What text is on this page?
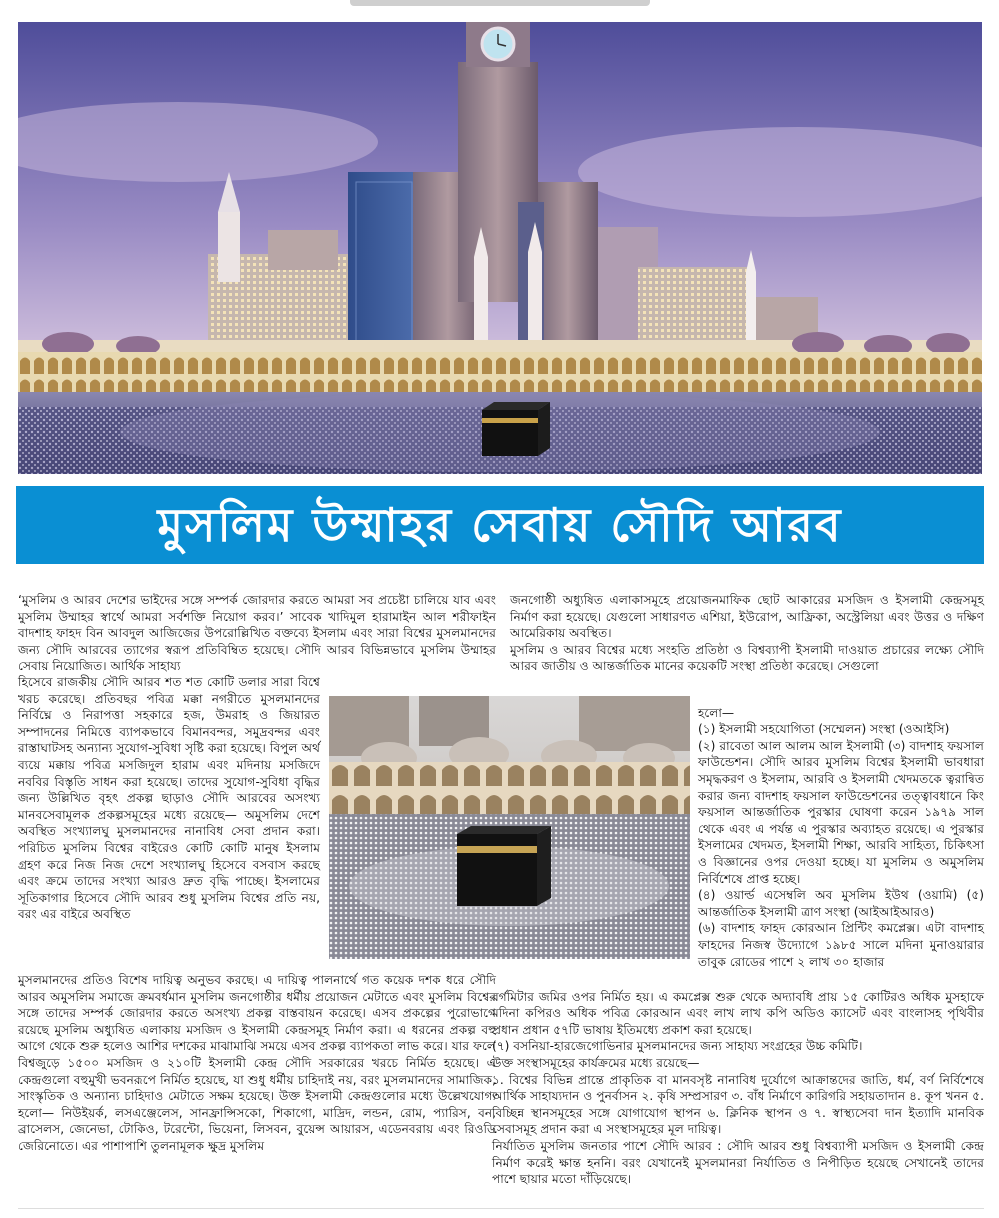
মুসলিম উম্মাহর সেবায় সৌদি আরব

‘মুসলিম ও আরব দেশের ভাইদের সঙ্গে সম্পর্ক জোরদার করতে আমরা সব প্রচেষ্টা চালিয়ে যাব এবং মুসলিম উম্মাহর স্বার্থে আমরা সর্বশক্তি নিয়োগ করব।’ সাবেক খাদিমুল হারামাইন আল শরীফাইন বাদশাহ ফাহদ বিন আবদুল আজিজের উপরোল্লিখিত বক্তব্যে ইসলাম এবং সারা বিশ্বের মুসলমানদের জন্য সৌদি আরবের ত্যাগের স্বরূপ প্রতিবিম্বিত হয়েছে। সৌদি আরব বিভিন্নভাবে মুসলিম উম্মাহর সেবায় নিয়োজিত। আর্থিক সাহায্য

হিসেবে রাজকীয় সৌদি আরব শত শত কোটি ডলার সারা বিশ্বে খরচ করেছে। প্রতিবছর পবিত্র মক্কা নগরীতে মুসলমানদের নির্বিঘ্নে ও নিরাপত্তা সহকারে হজ, উমরাহ ও জিয়ারত সম্পাদনের নিমিত্তে ব্যাপকভাবে বিমানবন্দর, সমুদ্রবন্দর এবং রাস্তাঘাটসহ অন্যান্য সুযোগ-সুবিধা সৃষ্টি করা হয়েছে। বিপুল অর্থ ব্যয়ে মক্কায় পবিত্র মসজিদুল হারাম এবং মদিনায় মসজিদে নববির বিস্তৃতি সাধন করা হয়েছে। তাদের সুযোগ-সুবিধা বৃদ্ধির জন্য উল্লিখিত বৃহৎ প্রকল্প ছাড়াও সৌদি আরবের অসংখ্য মানবসেবামূলক প্রকল্পসমূহের মধ্যে রয়েছে— অমুসলিম দেশে অবস্থিত সংখ্যালঘু মুসলমানদের নানাবিধ সেবা প্রদান করা। পরিচিত মুসলিম বিশ্বের বাইরেও কোটি কোটি মানুষ ইসলাম গ্রহণ করে নিজ নিজ দেশে সংখ্যালঘু হিসেবে বসবাস করছে এবং ক্রমে তাদের সংখ্যা আরও দ্রুত বৃদ্ধি পাচ্ছে। ইসলামের সূতিকাগার হিসেবে সৌদি আরব শুধু মুসলিম বিশ্বের প্রতি নয়, বরং এর বাইরে অবস্থিত

মুসলমানদের প্রতিও বিশেষ দায়িত্ব অনুভব করছে। এ দায়িত্ব পালনার্থে গত কয়েক দশক ধরে সৌদি আরব অমুসলিম সমাজে ক্রমবর্ধমান মুসলিম জনগোষ্ঠীর ধর্মীয় প্রয়োজন মেটাতে এবং মুসলিম বিশ্বের সঙ্গে তাদের সম্পর্ক জোরদার করতে অসংখ্য প্রকল্প বাস্তবায়ন করেছে। এসব প্রকল্পের পুরোভাগে রয়েছে মুসলিম অধ্যুষিত এলাকায় মসজিদ ও ইসলামী কেন্দ্রসমূহ নির্মাণ করা। এ ধরনের প্রকল্প বহু আগে থেকে শুরু হলেও আশির দশকের মাঝামাঝি সময়ে এসব প্রকল্প ব্যাপকতা লাভ করে। যার ফলে বিশ্বজুড়ে ১৫০০ মসজিদ ও ২১০টি ইসলামী কেন্দ্র সৌদি সরকারের খরচে নির্মিত হয়েছে। এ কেন্দ্রগুলো বহুমুখী ভবনরূপে নির্মিত হয়েছে, যা শুধু ধর্মীয় চাহিদাই নয়, বরং মুসলমানদের সামাজিক, সাংস্কৃতিক ও অন্যান্য চাহিদাও মেটাতে সক্ষম হয়েছে। উক্ত ইসলামী কেন্দ্রগুলোর মধ্যে উল্লেখযোগ্য হলো— নিউইয়র্ক, লসএঞ্জেলেস, সানফ্রান্সিসকো, শিকাগো, মাদ্রিদ, লন্ডন, রোম, প্যারিস, বন, ব্রাসেলস, জেনেভা, টোকিও, টরেন্টো, ভিয়েনা, লিসবন, বুয়েন্স আয়ারস, এডেনবরায় এবং রিওডি জেরিনোতে। এর পাশাপাশি তুলনামূলক ক্ষুদ্র মুসলিম

জনগোষ্ঠী অধ্যুষিত এলাকাসমূহে প্রয়োজনমাফিক ছোট আকারের মসজিদ ও ইসলামী কেন্দ্রসমূহ নির্মাণ করা হয়েছে। যেগুলো সাধারণত এশিয়া, ইউরোপ, আফ্রিকা, অস্ট্রেলিয়া এবং উত্তর ও দক্ষিণ আমেরিকায় অবস্থিত।

মুসলিম ও আরব বিশ্বের মধ্যে সংহতি প্রতিষ্ঠা ও বিশ্বব্যাপী ইসলামী দাওয়াত প্রচারের লক্ষ্যে সৌদি আরব জাতীয় ও আন্তর্জাতিক মানের কয়েকটি সংস্থা প্রতিষ্ঠা করেছে। সেগুলো

হলো—
(১) ইসলামী সহযোগিতা (সম্মেলন) সংস্থা (ওআইসি)
(২) রাবেতা আল আলম আল ইসলামী (৩) বাদশাহ ফয়সাল ফাউন্ডেশন। সৌদি আরব মুসলিম বিশ্বের ইসলামী ভাবধারা সমৃদ্ধকরণ ও ইসলাম, আরবি ও ইসলামী খেদমতকে ত্বরান্বিত করার জন্য বাদশাহ ফয়সাল ফাউন্ডেশনের তত্ত্বাবধানে কিং ফয়সাল আন্তর্জাতিক পুরস্কার ঘোষণা করেন ১৯৭৯ সাল থেকে এবং এ পর্যন্ত এ পুরস্কার অব্যাহত রয়েছে। এ পুরস্কার ইসলামের খেদমত, ইসলামী শিক্ষা, আরবি সাহিত্য, চিকিৎসা ও বিজ্ঞানের ওপর দেওয়া হচ্ছে। যা মুসলিম ও অমুসলিম নির্বিশেষে প্রাপ্ত হচ্ছে।
(৪) ওয়ার্ল্ড এসেম্বলি অব মুসলিম ইউথ (ওয়ামি) (৫) আন্তর্জাতিক ইসলামী ত্রাণ সংস্থা (আইআইআরও)
(৬) বাদশাহ ফাহদ কোরআন প্রিন্টিং কমপ্লেক্স। এটা বাদশাহ ফাহদের নিজস্ব উদ্যোগে ১৯৮৫ সালে মদিনা মুনাওয়ারার তাবুক রোডের পাশে ২ লাখ ৩০ হাজার

বর্গমিটার জমির ওপর নির্মিত হয়। এ কমপ্লেক্স শুরু থেকে অদ্যাবধি প্রায় ১৫ কোটিরও অধিক মুসহাফে মদিনা কপিরও অধিক পবিত্র কোরআন এবং লাখ লাখ কপি অডিও ক্যাসেট এবং বাংলাসহ পৃথিবীর প্রধান প্রধান ৫৭টি ভাষায় ইতিমধ্যে প্রকাশ করা হয়েছে।
(৭) বসনিয়া-হারজেগোভিনার মুসলমানদের জন্য সাহায্য সংগ্রহের উচ্চ কমিটি।
উক্ত সংস্থাসমূহের কার্যক্রমের মধ্যে রয়েছে—
১. বিশ্বের বিভিন্ন প্রান্তে প্রাকৃতিক বা মানবসৃষ্ট নানাবিধ দুর্যোগে আক্রান্তদের জাতি, ধর্ম, বর্ণ নির্বিশেষে আর্থিক সাহায্যদান ও পুনর্বাসন ২. কৃষি সম্প্রসারণ ৩. বাঁধ নির্মাণে কারিগরি সহায়তাদান ৪. কূপ খনন ৫. বিচ্ছিন্ন স্থানসমূহের সঙ্গে যোগাযোগ স্থাপন ৬. ক্লিনিক স্থাপন ও ৭. স্বাস্থ্যসেবা দান ইত্যাদি মানবিক সেবাসমূহ প্রদান করা এ সংস্থাসমূহের মূল দায়িত্ব।
নির্যাতিত মুসলিম জনতার পাশে সৌদি আরব : সৌদি আরব শুধু বিশ্বব্যাপী মসজিদ ও ইসলামী কেন্দ্র নির্মাণ করেই ক্ষান্ত হননি। বরং যেখানেই মুসলমানরা নির্যাতিত ও নিপীড়িত হয়েছে সেখানেই তাদের পাশে ছায়ার মতো দাঁড়িয়েছে।
